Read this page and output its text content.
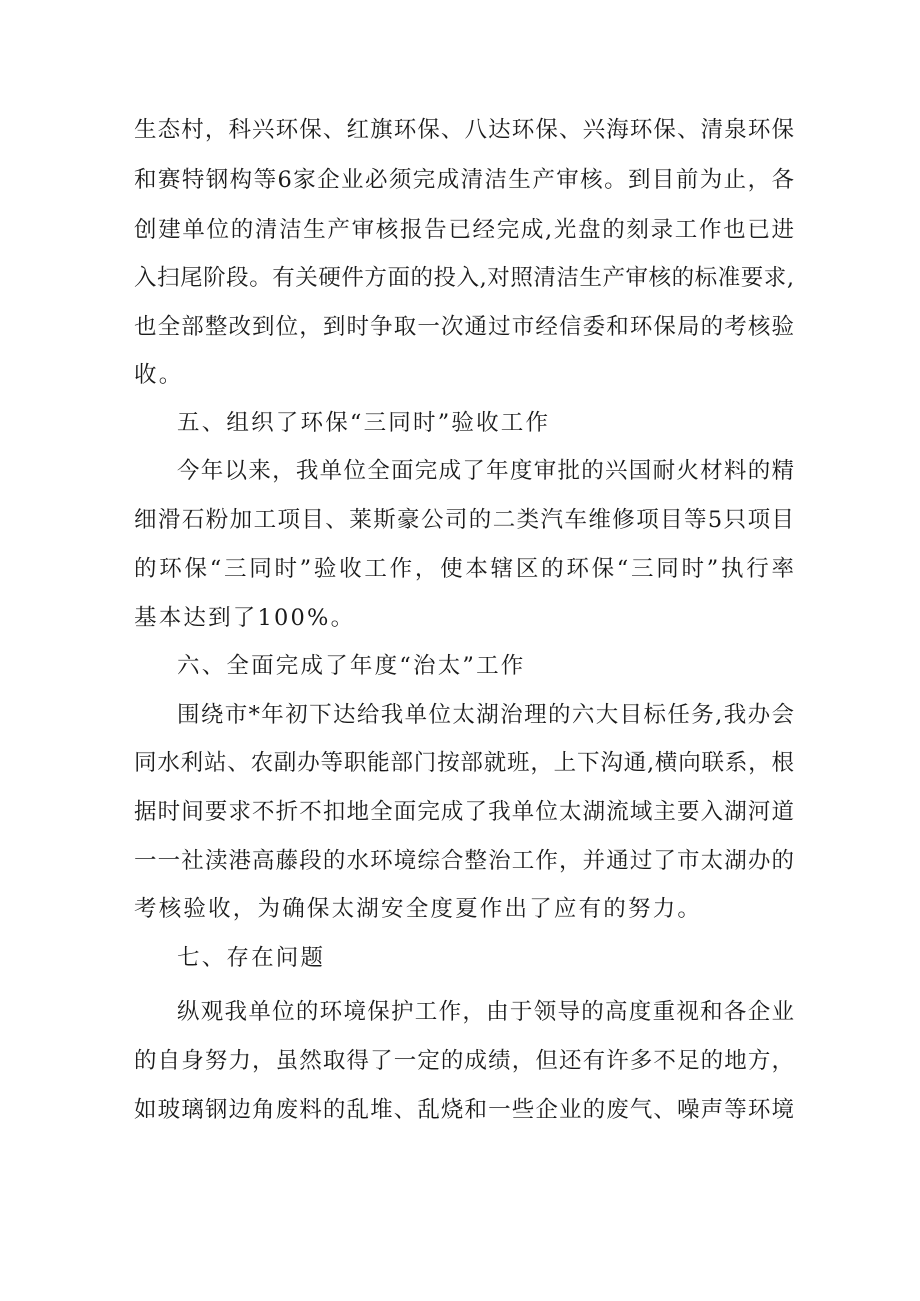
生态村，科兴环保、红旗环保、八达环保、兴海环保、清泉环保
和赛特钢构等6家企业必须完成清洁生产审核。到目前为止，各
创建单位的清洁生产审核报告已经完成,光盘的刻录工作也已进
入扫尾阶段。有关硬件方面的投入,对照清洁生产审核的标准要求,
也全部整改到位，到时争取一次通过市经信委和环保局的考核验
收。
五、组织了环保“三同时”验收工作
今年以来，我单位全面完成了年度审批的兴国耐火材料的精
细滑石粉加工项目、莱斯豪公司的二类汽车维修项目等5只项目
的环保“三同时”验收工作，使本辖区的环保“三同时”执行率
基本达到了100%。
六、全面完成了年度“治太”工作
围绕市*年初下达给我单位太湖治理的六大目标任务,我办会
同水利站、农副办等职能部门按部就班，上下沟通,横向联系，根
据时间要求不折不扣地全面完成了我单位太湖流域主要入湖河道
一一社渎港高藤段的水环境综合整治工作，并通过了市太湖办的
考核验收，为确保太湖安全度夏作出了应有的努力。
七、存在问题
纵观我单位的环境保护工作，由于领导的高度重视和各企业
的自身努力，虽然取得了一定的成绩，但还有许多不足的地方，
如玻璃钢边角废料的乱堆、乱烧和一些企业的废气、噪声等环境
